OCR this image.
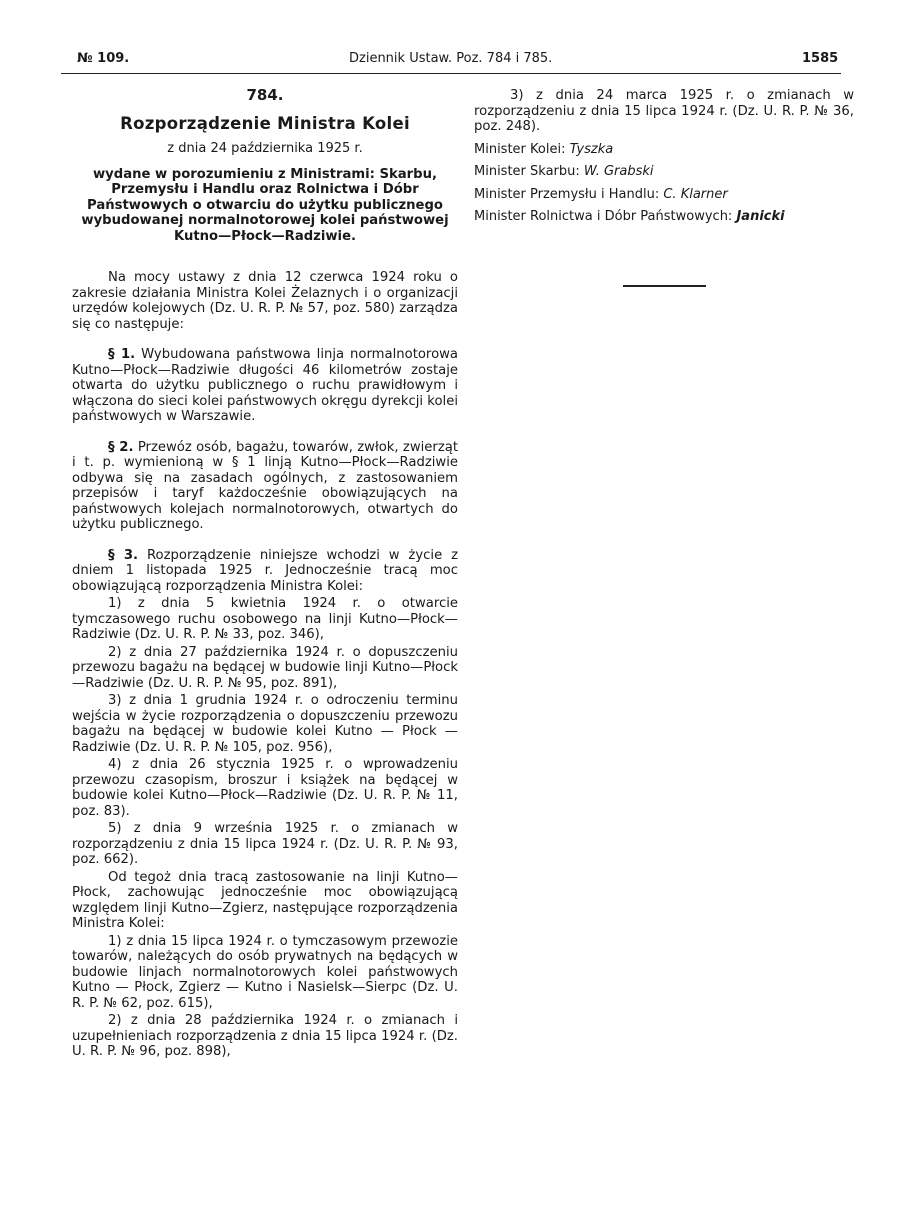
№ 109.	Dziennik Ustaw. Poz. 784 i 785.	1585

784.

Rozporządzenie Ministra Kolei

z dnia 24 października 1925 r.

wydane w porozumieniu z Ministrami: Skarbu, Przemysłu i Handlu oraz Rolnictwa i Dóbr Państwowych o otwarciu do użytku publicznego wybudowanej normalnotorowej kolei państwowej Kutno—Płock—Radziwie.

Na mocy ustawy z dnia 12 czerwca 1924 roku o zakresie działania Ministra Kolei Żelaznych i o organizacji urzędów kolejowych (Dz. U. R. P. № 57, poz. 580) zarządza się co następuje:

§ 1. Wybudowana państwowa linja normalnotorowa Kutno—Płock—Radziwie długości 46 kilometrów zostaje otwarta do użytku publicznego o ruchu prawidłowym i włączona do sieci kolei państwowych okręgu dyrekcji kolei państwowych w Warszawie.

§ 2. Przewóz osób, bagażu, towarów, zwłok, zwierząt i t. p. wymienioną w § 1 linją Kutno—Płock—Radziwie odbywa się na zasadach ogólnych, z zastosowaniem przepisów i taryf każdocześnie obowiązujących na państwowych kolejach normalnotorowych, otwartych do użytku publicznego.

§ 3. Rozporządzenie niniejsze wchodzi w życie z dniem 1 listopada 1925 r. Jednocześnie tracą moc obowiązującą rozporządzenia Ministra Kolei:

1) z dnia 5 kwietnia 1924 r. o otwarcie tymczasowego ruchu osobowego na linji Kutno—Płock—Radziwie (Dz. U. R. P. № 33, poz. 346),

2) z dnia 27 października 1924 r. o dopuszczeniu przewozu bagażu na będącej w budowie linji Kutno—Płock—Radziwie (Dz. U. R. P. № 95, poz. 891),

3) z dnia 1 grudnia 1924 r. o odroczeniu terminu wejścia w życie rozporządzenia o dopuszczeniu przewozu bagażu na będącej w budowie kolei Kutno — Płock — Radziwie (Dz. U. R. P. № 105, poz. 956),

4) z dnia 26 stycznia 1925 r. o wprowadzeniu przewozu czasopism, broszur i książek na będącej w budowie kolei Kutno—Płock—Radziwie (Dz. U. R. P. № 11, poz. 83).

5) z dnia 9 września 1925 r. o zmianach w rozporządzeniu z dnia 15 lipca 1924 r. (Dz. U. R. P. № 93, poz. 662).

Od tegoż dnia tracą zastosowanie na linji Kutno—Płock, zachowując jednocześnie moc obowiązującą względem linji Kutno—Zgierz, następujące rozporządzenia Ministra Kolei:

1) z dnia 15 lipca 1924 r. o tymczasowym przewozie towarów, należących do osób prywatnych na będących w budowie linjach normalnotorowych kolei państwowych Kutno — Płock, Zgierz — Kutno i Nasielsk—Sierpc (Dz. U. R. P. № 62, poz. 615),

2) z dnia 28 października 1924 r. o zmianach i uzupełnieniach rozporządzenia z dnia 15 lipca 1924 r. (Dz. U. R. P. № 96, poz. 898),

3) z dnia 24 marca 1925 r. o zmianach w rozporządzeniu z dnia 15 lipca 1924 r. (Dz. U. R. P. № 36, poz. 248).

Minister Kolei: Tyszka
Minister Skarbu: W. Grabski
Minister Przemysłu i Handlu: C. Klarner
Minister Rolnictwa i Dóbr Państwowych: Janicki
